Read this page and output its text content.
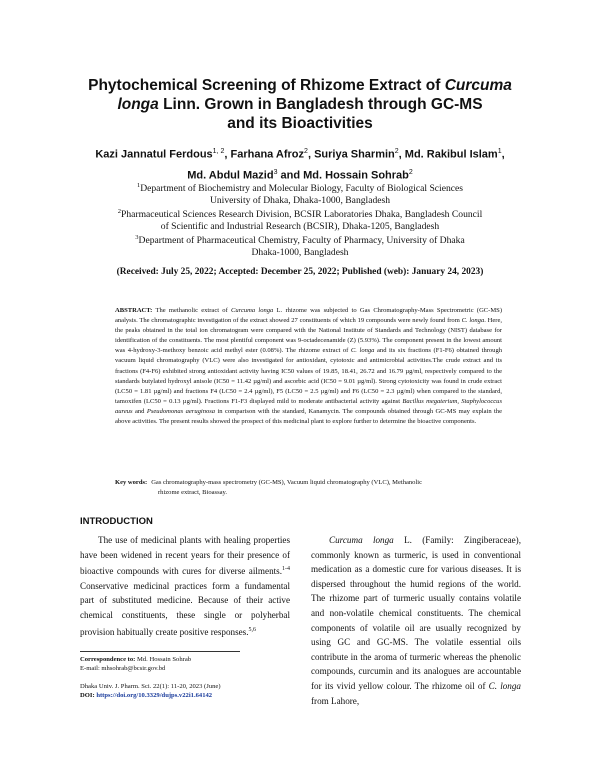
Phytochemical Screening of Rhizome Extract of Curcuma
longa Linn. Grown in Bangladesh through GC-MS
and its Bioactivities
Kazi Jannatul Ferdous$^{1, 2}$, Farhana Afroz$^2$, Suriya Sharmin$^2$, Md. Rakibul Islam$^1$,
Md. Abdul Mazid$^3$ and Md. Hossain Sohrab$^2$
$^1$Department of Biochemistry and Molecular Biology, Faculty of Biological Sciences
University of Dhaka, Dhaka-1000, Bangladesh
$^2$Pharmaceutical Sciences Research Division, BCSIR Laboratories Dhaka, Bangladesh Council
of Scientific and Industrial Research (BCSIR), Dhaka-1205, Bangladesh
$^3$Department of Pharmaceutical Chemistry, Faculty of Pharmacy, University of Dhaka
Dhaka-1000, Bangladesh
(Received: July 25, 2022; Accepted: December 25, 2022; Published (web): January 24, 2023)
ABSTRACT: The methanolic extract of Curcuma longa L. rhizome was subjected to Gas Chromatography-Mass Spectrometric (GC-MS) analysis. The chromatographic investigation of the extract showed 27 constituents of which 19 compounds were newly found from C. longa. Here, the peaks obtained in the total ion chromatogram were compared with the National Institute of Standards and Technology (NIST) database for identification of the constituents. The most plentiful component was 9-octadecenamide (Z) (5.93%). The component present in the lowest amount was 4-hydroxy-3-methoxy benzoic acid methyl ester (0.08%). The rhizome extract of C. longa and its six fractions (F1-F6) obtained through vacuum liquid chromatography (VLC) were also investigated for antioxidant, cytotoxic and antimicrobial activities.The crude extract and its fractions (F4-F6) exhibited strong antioxidant activity having IC50 values of 19.85, 18.41, 26.72 and 16.79 µg/ml, respectively compared to the standards butylated hydroxyl anisole (IC50 = 11.42 µg/ml) and ascorbic acid (IC50 = 9.01 µg/ml). Strong cytotoxicity was found in crude extract (LC50 = 1.81 µg/ml) and fractions F4 (LC50 = 2.4 µg/ml), F5 (LC50 = 2.5 µg/ml) and F6 (LC50 = 2.3 µg/ml) when compared to the standard, tamoxifen (LC50 = 0.13 µg/ml). Fractions F1-F3 displayed mild to moderate antibacterial activity against Bacillus megaterium, Staphylococcus aureus and Pseudomonas aeruginosa in comparison with the standard, Kanamycin. The compounds obtained through GC-MS may explain the above activities. The present results showed the prospect of this medicinal plant to explore further to determine the bioactive components.
Key words: Gas chromatography-mass spectrometry (GC-MS), Vacuum liquid chromatography (VLC), Methanolic
rhizome extract, Bioassay.
INTRODUCTION
The use of medicinal plants with healing properties have been widened in recent years for their presence of bioactive compounds with cures for diverse ailments.$^{1-4}$ Conservative medicinal practices form a fundamental part of substituted medicine. Because of their active chemical constituents, these single or polyherbal provision habitually create positive responses.$^{5,6}$
Curcuma longa L. (Family: Zingiberaceae), commonly known as turmeric, is used in conventional medication as a domestic cure for various diseases. It is dispersed throughout the humid regions of the world. The rhizome part of turmeric usually contains volatile and non-volatile chemical constituents. The chemical components of volatile oil are usually recognized by using GC and GC-MS. The volatile essential oils contribute in the aroma of turmeric whereas the phenolic compounds, curcumin and its analogues are accountable for its vivid yellow colour. The rhizome oil of C. longa from Lahore,
Correspondence to: Md. Hossain Sohrab
E-mail: mhsohrab@bcsir.gov.bd
Dhaka Univ. J. Pharm. Sci. 22(1): 11-20, 2023 (June)
DOI: https://doi.org/10.3329/dujps.v22i1.64142
